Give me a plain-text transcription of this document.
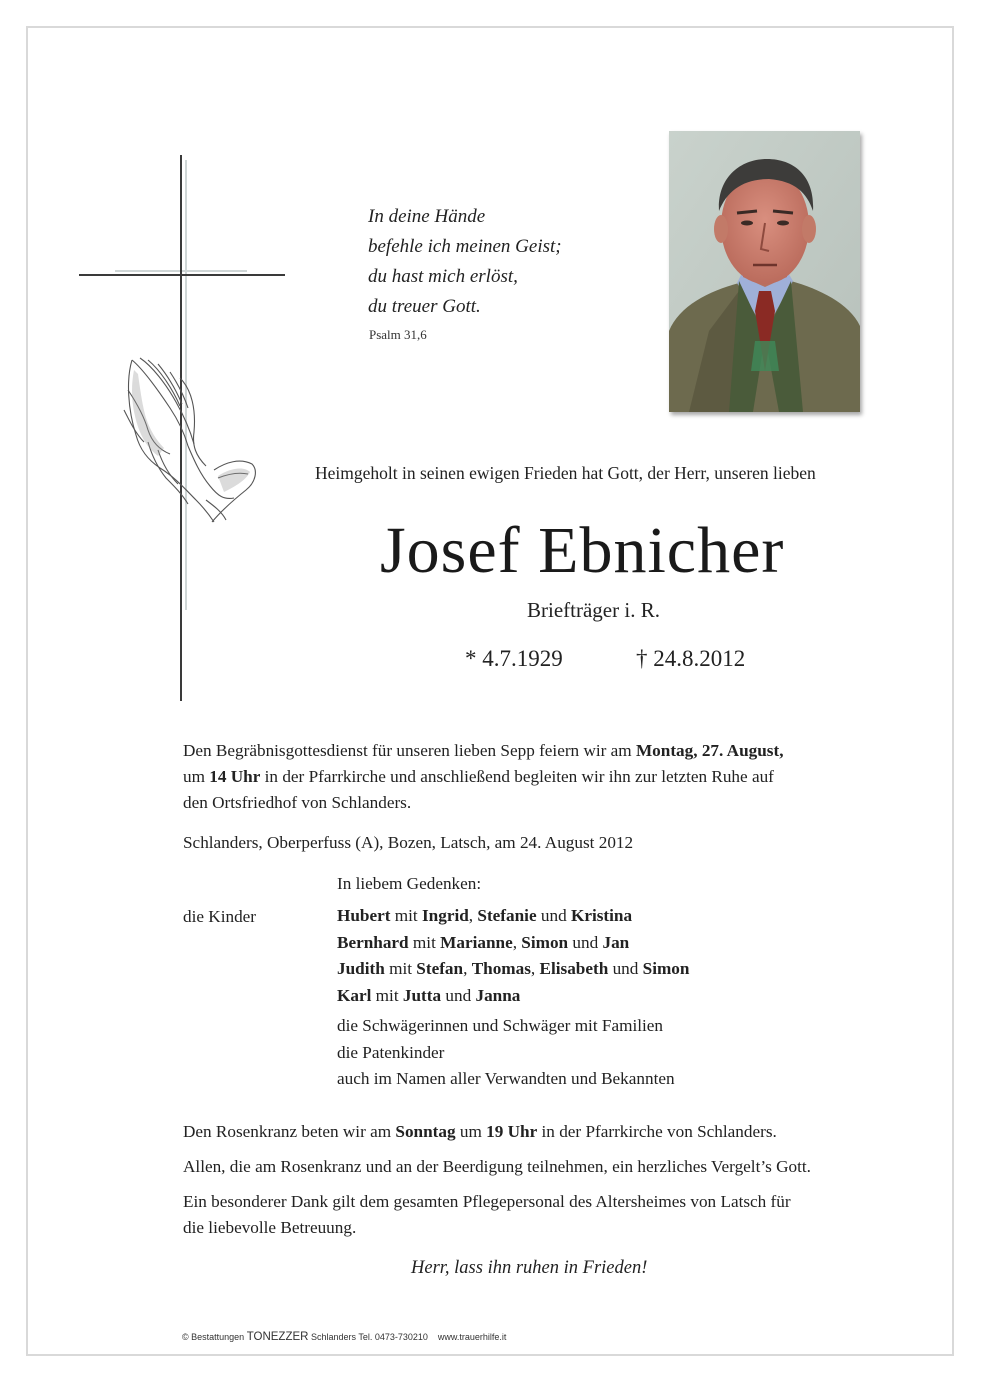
In deine Hände
befehle ich meinen Geist;
du hast mich erlöst,
du treuer Gott.
Psalm 31,6
Heimgeholt in seinen ewigen Frieden hat Gott, der Herr, unseren lieben
Josef Ebnicher
Briefträger i. R.
* 4.7.1929	† 24.8.2012
Den Begräbnisgottesdienst für unseren lieben Sepp feiern wir am Montag, 27. August,
um 14 Uhr in der Pfarrkirche und anschließend begleiten wir ihn zur letzten Ruhe auf
den Ortsfriedhof von Schlanders.
Schlanders, Oberperfuss (A), Bozen, Latsch, am 24. August 2012
In liebem Gedenken:
die Kinder	Hubert mit Ingrid, Stefanie und Kristina
Bernhard mit Marianne, Simon und Jan
Judith mit Stefan, Thomas, Elisabeth und Simon
Karl mit Jutta und Janna
die Schwägerinnen und Schwäger mit Familien
die Patenkinder
auch im Namen aller Verwandten und Bekannten
Den Rosenkranz beten wir am Sonntag um 19 Uhr in der Pfarrkirche von Schlanders.
Allen, die am Rosenkranz und an der Beerdigung teilnehmen, ein herzliches Vergelt’s Gott.
Ein besonderer Dank gilt dem gesamten Pflegepersonal des Altersheimes von Latsch für
die liebevolle Betreuung.
Herr, lass ihn ruhen in Frieden!
© Bestattungen TONEZZER Schlanders Tel. 0473-730210    www.trauerhilfe.it
